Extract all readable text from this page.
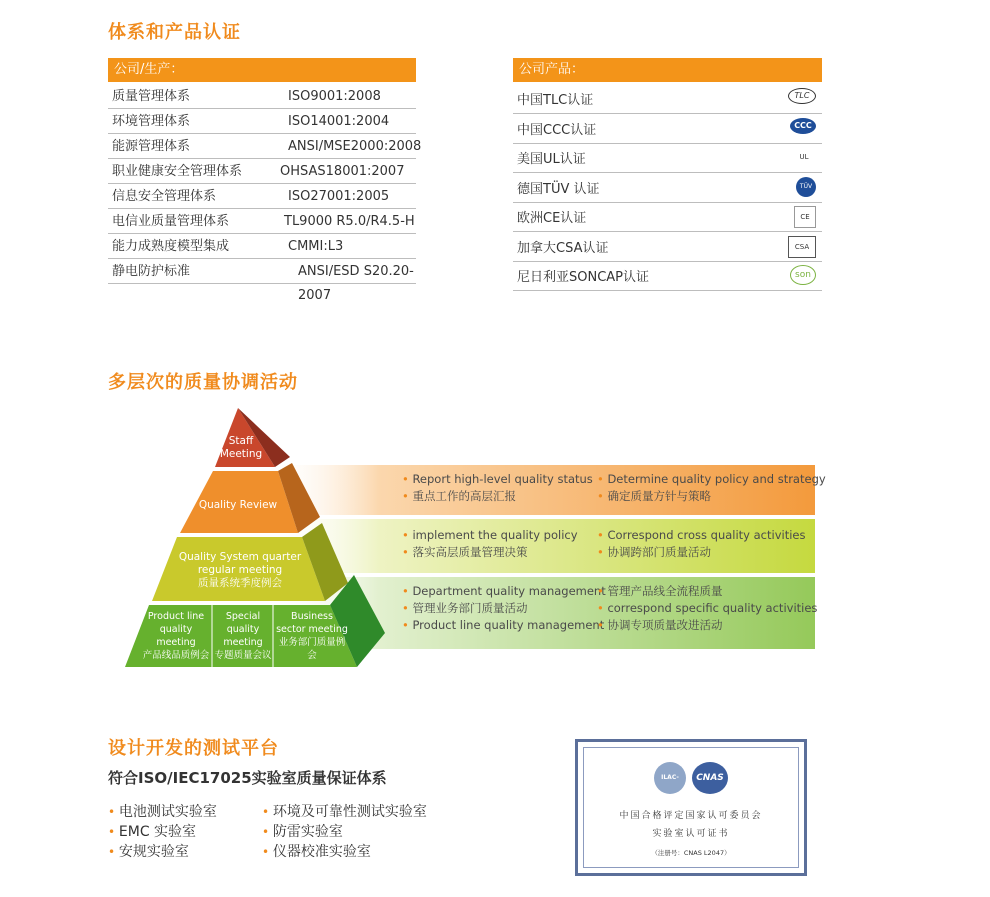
体系和产品认证
公司/生产：
质量管理体系	ISO9001:2008
环境管理体系	ISO14001:2004
能源管理体系	ANSI/MSE2000:2008
职业健康安全管理体系	OHSAS18001:2007
信息安全管理体系	ISO27001:2005
电信业质量管理体系	TL9000 R5.0/R4.5-H
能力成熟度模型集成	CMMI:L3
静电防护标准	ANSI/ESD S20.20-2007
公司产品：
中国TLC认证	TLC
中国CCC认证	CCC
美国UL认证	UL
德国TÜV 认证	TÜV
欧洲CE认证	CE
加拿大CSA认证	CSA
尼日利亚SONCAP认证	son
多层次的质量协调活动
• Report high-level quality status
• 重点工作的高层汇报
• Determine quality policy and strategy
• 确定质量方针与策略
• implement the quality policy
• 落实高层质量管理决策
• Correspond cross quality activities
• 协调跨部门质量活动
• Department quality management
• 管理业务部门质量活动
• Product line quality management
• 管理产品线全流程质量
• correspond specific quality activities
• 协调专项质量改进活动
Staff Meeting
Quality Review
Quality System quarter
regular meeting
质量系统季度例会
Product line
quality
meeting
产品线品质例会
Special
quality
meeting
专题质量会议
Business
sector meeting
业务部门质量例
会
设计开发的测试平台
符合ISO/IEC17025实验室质量保证体系
• 电池测试实验室
• EMC 实验室
• 安规实验室
• 环境及可靠性测试实验室
• 防雷实验室
• 仪器校准实验室
ILAC-MRA
CNAS
中国合格评定国家认可委员会
实验室认可证书
（注册号：CNAS L2047）
